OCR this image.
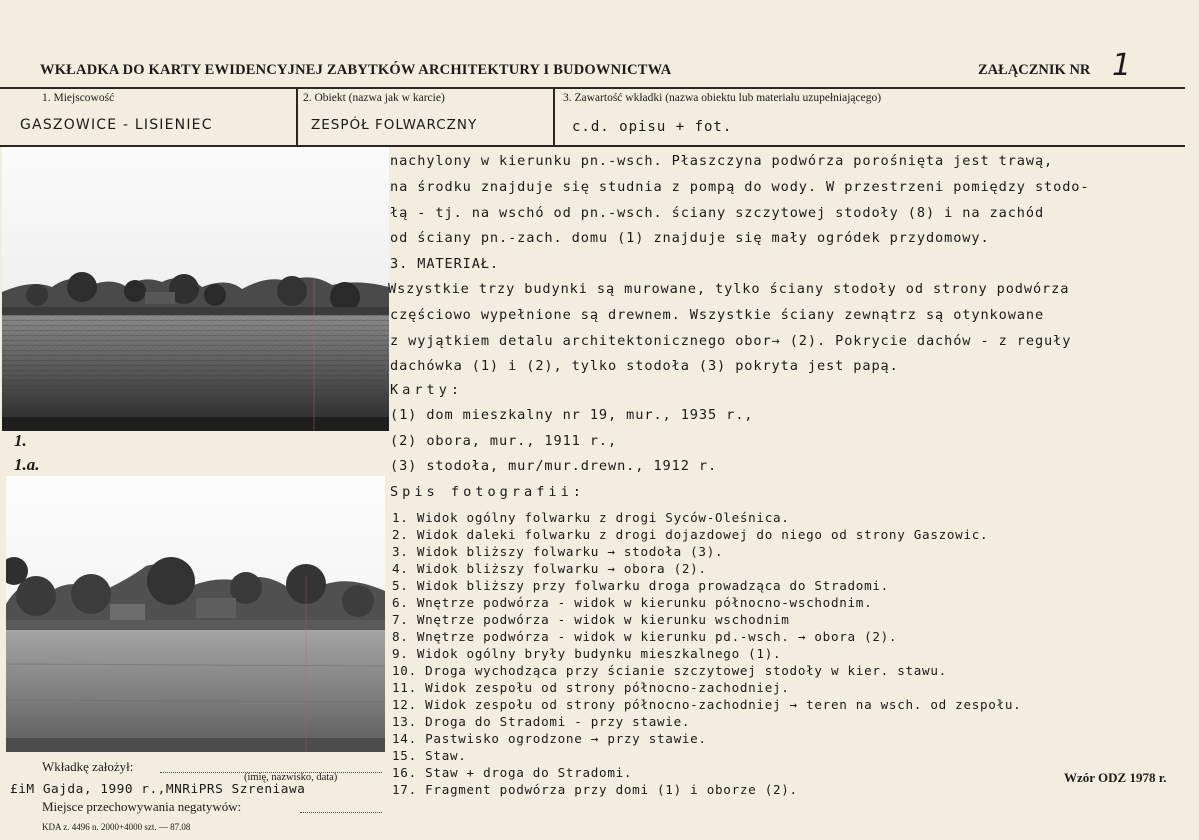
WKŁADKA DO KARTY EWIDENCYJNEJ ZABYTKÓW ARCHITEKTURY I BUDOWNICTWA	ZAŁĄCZNIK NR 1
1. Miejscowość
GASZOWICE - LISIENIEC
2. Obiekt (nazwa jak w karcie)
ZESPÓŁ FOLWARCZNY
3. Zawartość wkładki (nazwa obiektu lub materiału uzupełniającego)
c.d. opisu + fot.
1.
1.a.
nachylony w kierunku pn.-wsch. Płaszczyna podwórza porośnięta jest trawą,
na środku znajduje się studnia z pompą do wody. W przestrzeni pomiędzy stodo-
łą - tj. na wschó od pn.-wsch. ściany szczytowej stodoły (8) i na zachód
od ściany pn.-zach. domu (1) znajduje się mały ogródek przydomowy.
3. MATERIAŁ.
Wszystkie trzy budynki są murowane, tylko ściany stodoły od strony podwórza
częściowo wypełnione są drewnem. Wszystkie ściany zewnątrz są otynkowane
z wyjątkiem detalu architektonicznego obor→ (2). Pokrycie dachów - z reguły
dachówka (1) i (2), tylko stodoła (3) pokryta jest papą.
Karty:
(1) dom mieszkalny nr 19, mur., 1935 r.,
(2) obora, mur., 1911 r.,
(3) stodoła, mur/mur.drewn., 1912 r.
Spis fotografii:
1. Widok ogólny folwarku z drogi Syców-Oleśnica.
2. Widok daleki folwarku z drogi dojazdowej do niego od strony Gaszowic.
3. Widok bliższy folwarku → stodoła (3).
4. Widok bliższy folwarku → obora (2).
5. Widok bliższy przy folwarku droga prowadząca do Stradomi.
6. Wnętrze podwórza - widok w kierunku północno-wschodnim.
7. Wnętrze podwórza - widok w kierunku wschodnim
8. Wnętrze podwórza - widok w kierunku pd.-wsch. → obora (2).
9. Widok ogólny bryły budynku mieszkalnego (1).
10. Droga wychodząca przy ścianie szczytowej stodoły w kier. stawu.
11. Widok zespołu od strony północno-zachodniej.
12. Widok zespołu od strony północno-zachodniej → teren na wsch. od zespołu.
13. Droga do Stradomi - przy stawie.
14. Pastwisko ogrodzone → przy stawie.
15. Staw.
16. Staw + droga do Stradomi.
17. Fragment podwórza przy domi (1) i oborze (2).
Wkładkę założył:
(imię, nazwisko, data)
£iM Gajda, 1990 r.,MNRiPRS Szreniawa
Miejsce przechowywania negatywów:
Wzór ODZ 1978 r.
KDA z. 4496 n. 2000+4000 szt. — 87.08
